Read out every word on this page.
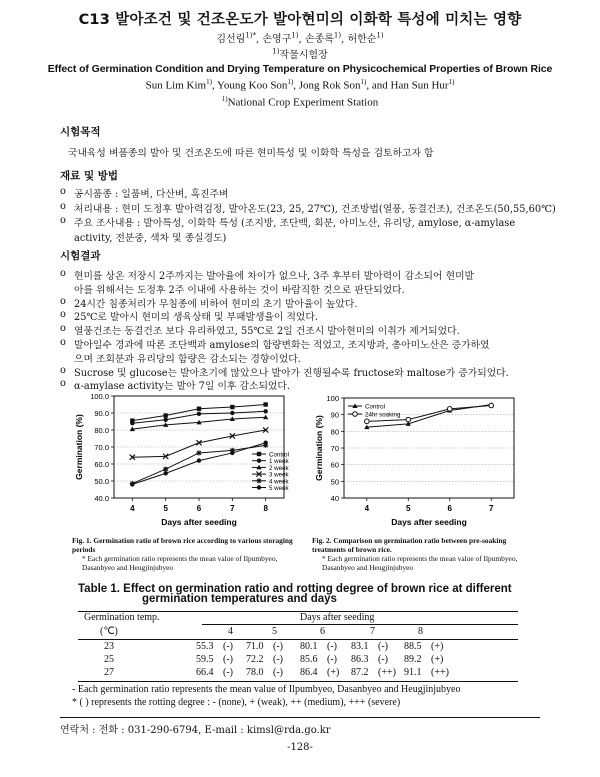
C13 발아조건 및 건조온도가 발아현미의 이화학 특성에 미치는 영향
김선림$^{1)*}$, 손영구$^{1)}$, 손종록$^{1)}$, 허한순$^{1)}$
$^{1)}$작물시험장
Effect of Germination Condition and Drying Temperature on Physicochemical Properties of Brown Rice
Sun Lim Kim$^{1)}$, Young Koo Son$^{1)}$, Jong Rok Son$^{1)}$, and Han Sun Hur$^{1)}$
$^{1)}$National Crop Experiment Station
시험목적
국내육성 벼품종의 발아 및 건조온도에 따른 현미특성 및 이화학 특성을 검토하고자 함
재료 및 방법
o 공시품종 : 일품벼, 다산벼, 흑진주벼
o 처리내용 : 현미 도정후 발아력검정, 발아온도(23, 25, 27℃), 건조방법(열풍, 동결건조), 건조온도(50,55,60℃)
o 주요 조사내용 : 발아특성, 이화학 특성 (조지방, 조단백, 회분, 아미노산, 유리당, amylose, α-amylase
activity, 전분중, 색차 및 종실경도)
시험결과
o 현미를 상온 저장시 2주까지는 발아율에 차이가 없으나, 3주 후부터 발아력이 감소되어 현미발
아를 위해서는 도정후 2주 이내에 사용하는 것이 바람직한 것으로 판단되었다.
o 24시간 침종처리가 무침종에 비하여 현미의 초기 발아율이 높았다.
o 25℃로 발아시 현미의 생육상태 및 부패발생율이 적었다.
o 열풍건조는 동결건조 보다 유리하였고, 55℃로 2일 건조시 발아현미의 이취가 제거되었다.
o 발아일수 경과에 따론 조단백과 amylose의 함량변화는 적었고, 조지방과, 총아미노산은 증가하였
으며 조회분과 유리당의 함량은 감소되는 경향이었다.
o Sucrose 및 glucose는 발아초기에 많았으나 발아가 진행될수록 fructose와 maltose가 증가되었다.
o α-amylase activity는 발아 7일 이후 감소되었다.
40.0
50.0
60.0
70.0
80.0
90.0
100.0
4	5	6	7	8
Days after seeding
Germination (%)	Control
1 week
2 week
3 week
4 week
5 week
Fig. 1. Germination ratio of brown rice according to various storaging periods
* Each germination ratio represents the mean value of Ilpumbyeo, Dasanbyeo and Heugjinjubyeo
40
50
60
70
80
90
100
4	5	6	7
Days after seeding
Germination (%)
Control
24hr soaking
Fig. 2. Comparison on germination ratio between pre-soaking treatments of brown rice.
* Each germination ratio represents the mean value of Ilpumbyeo, Dasanbyeo and Heugjinjubyeo
Table 1. Effect on germination ratio and rotting degree of brown rice at different
germination temperatures and days
Germination temp.	Days after seeding
(℃)	4	5	6	7	8
23	55.3 (-) 71.0 (-) 80.1 (-) 83.1 (-) 88.5 (+)
25	59.5 (-) 72.2 (-) 85.6 (-) 86.3 (-) 89.2 (+)
27	66.4 (-) 78.0 (-) 86.4 (+) 87.2 (++) 91.1 (++)
- Each germination ratio represents the mean value of Ilpumbyeo, Dasanbyeo and Heugjinjubyeo
* ( ) represents the rotting degree : - (none), + (weak), ++ (medium), +++ (severe)
연락처 : 전화 : 031-290-6794, E-mail : kimsl@rda.go.kr
-128-
